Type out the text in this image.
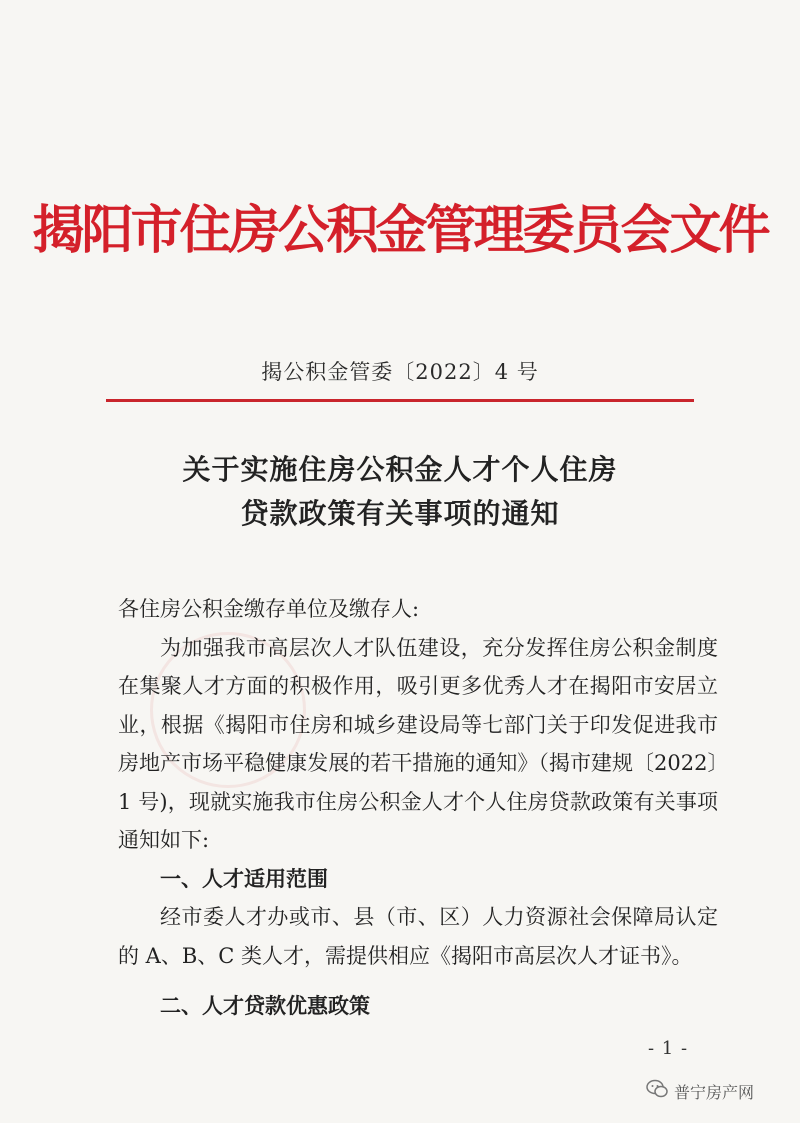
揭阳市住房公积金管理委员会文件
揭公积金管委〔2022〕4 号
关于实施住房公积金人才个人住房
贷款政策有关事项的通知

各住房公积金缴存单位及缴存人:

为加强我市高层次人才队伍建设，充分发挥住房公积金制度在集聚人才方面的积极作用，吸引更多优秀人才在揭阳市安居立业，根据《揭阳市住房和城乡建设局等七部门关于印发促进我市房地产市场平稳健康发展的若干措施的通知》（揭市建规〔2022〕1 号)，现就实施我市住房公积金人才个人住房贷款政策有关事项通知如下:

一、人才适用范围

经市委人才办或市、县（市、区）人力资源社会保障局认定的 A、B、C 类人才，需提供相应《揭阳市高层次人才证书》。

二、人才贷款优惠政策

- 1 -
普宁房产网
